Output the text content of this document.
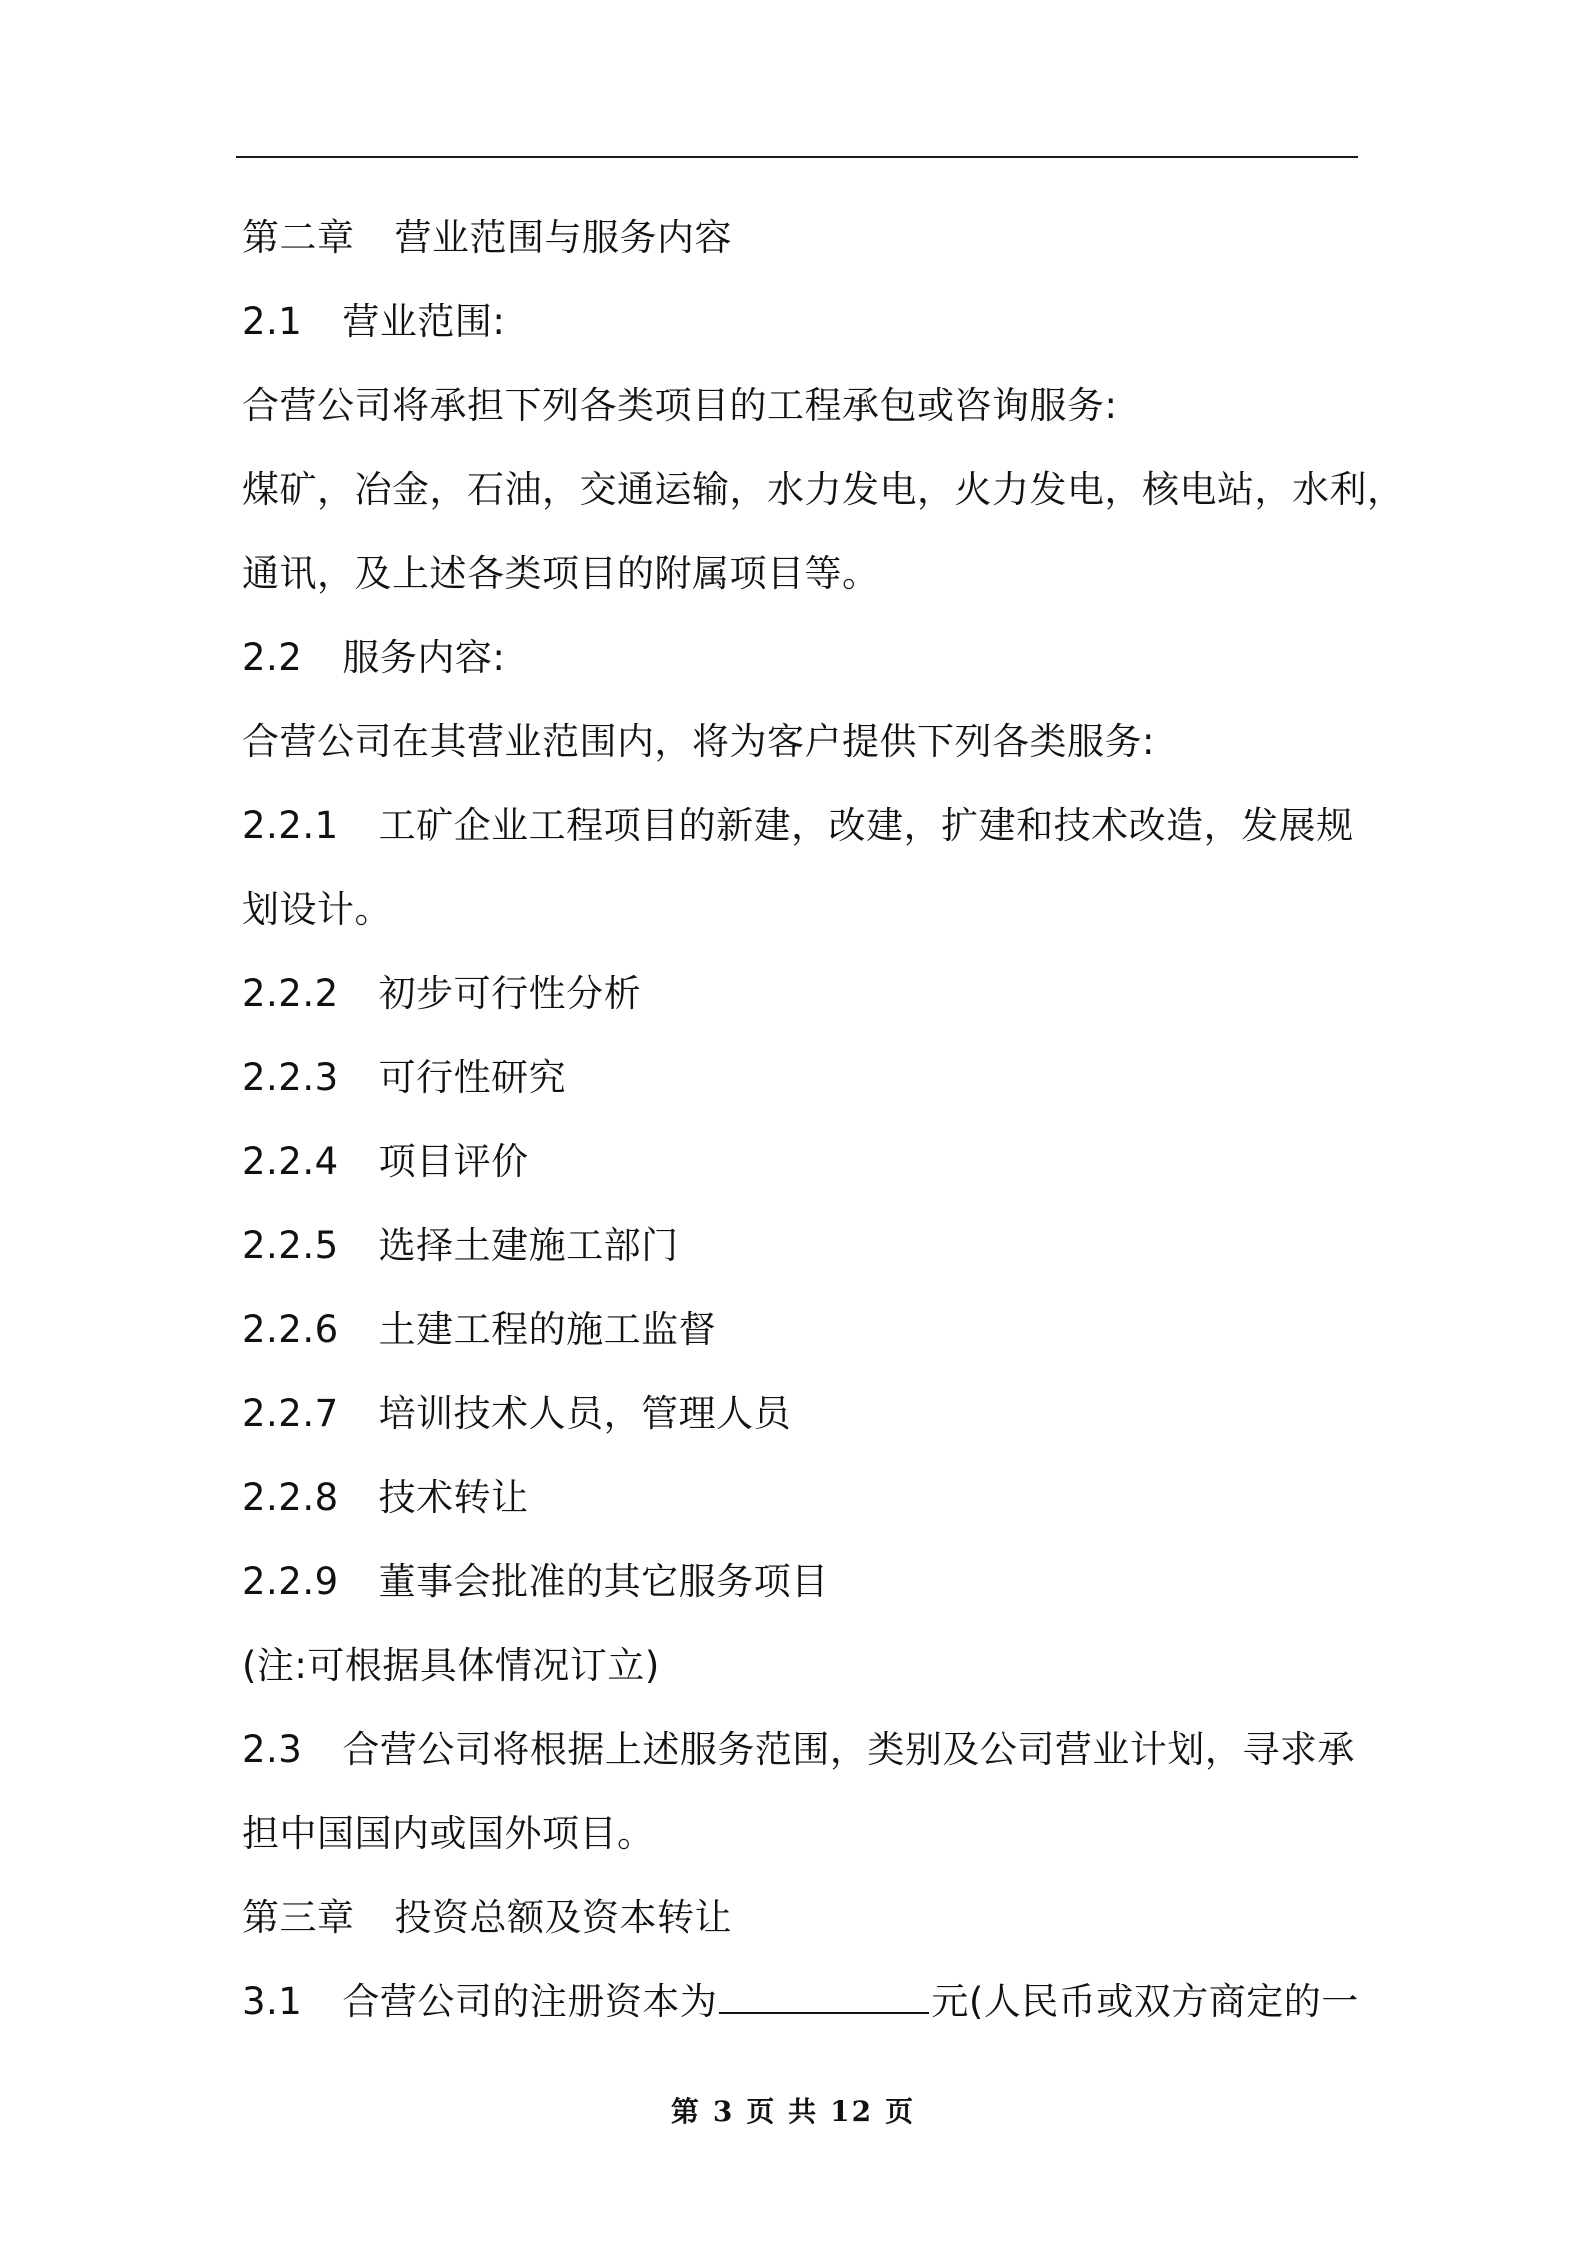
第二章 营业范围与服务内容
2.1 营业范围:
合营公司将承担下列各类项目的工程承包或咨询服务:
煤矿，冶金，石油，交通运输，水力发电，火力发电，核电站，水利，
通讯，及上述各类项目的附属项目等。
2.2 服务内容:
合营公司在其营业范围内，将为客户提供下列各类服务:
2.2.1 工矿企业工程项目的新建，改建，扩建和技术改造，发展规
划设计。
2.2.2 初步可行性分析
2.2.3 可行性研究
2.2.4 项目评价
2.2.5 选择土建施工部门
2.2.6 土建工程的施工监督
2.2.7 培训技术人员，管理人员
2.2.8 技术转让
2.2.9 董事会批准的其它服务项目
(注:可根据具体情况订立)
2.3 合营公司将根据上述服务范围，类别及公司营业计划，寻求承
担中国国内或国外项目。
第三章 投资总额及资本转让
3.1 合营公司的注册资本为	元(人民币或双方商定的一
第 3 页 共 12 页
